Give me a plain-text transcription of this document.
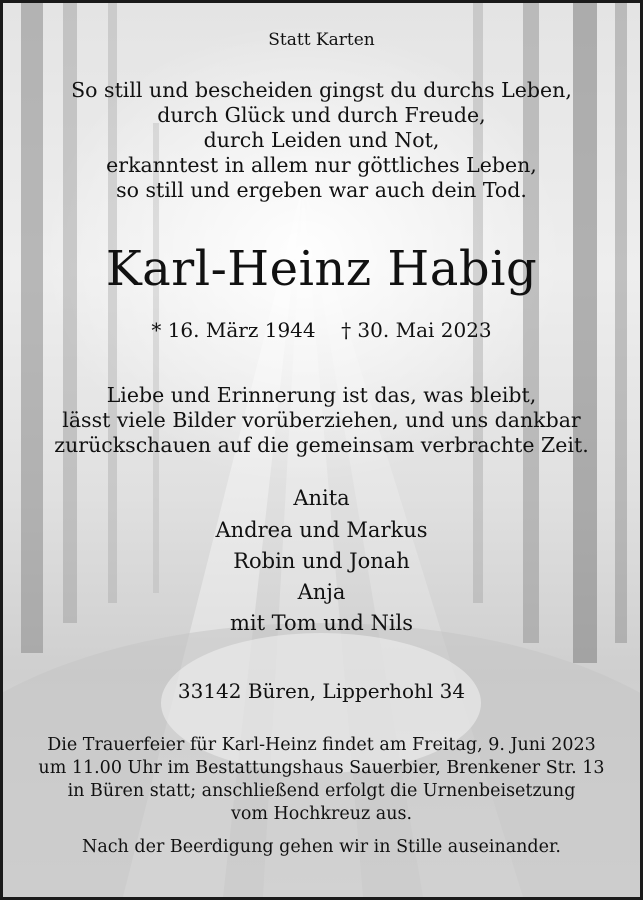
Statt Karten
So still und bescheiden gingst du durchs Leben,
durch Glück und durch Freude,
durch Leiden und Not,
erkanntest in allem nur göttliches Leben,
so still und ergeben war auch dein Tod.
Karl-Heinz Habig
* 16. März 1944 † 30. Mai 2023
Liebe und Erinnerung ist das, was bleibt,
lässt viele Bilder vorüberziehen, und uns dankbar
zurückschauen auf die gemeinsam verbrachte Zeit.
Anita
Andrea und Markus
Robin und Jonah
Anja
mit Tom und Nils
33142 Büren, Lipperhohl 34
Die Trauerfeier für Karl-Heinz findet am Freitag, 9. Juni 2023
um 11.00 Uhr im Bestattungshaus Sauerbier, Brenkener Str. 13
in Büren statt; anschließend erfolgt die Urnenbeisetzung
vom Hochkreuz aus.
Nach der Beerdigung gehen wir in Stille auseinander.
